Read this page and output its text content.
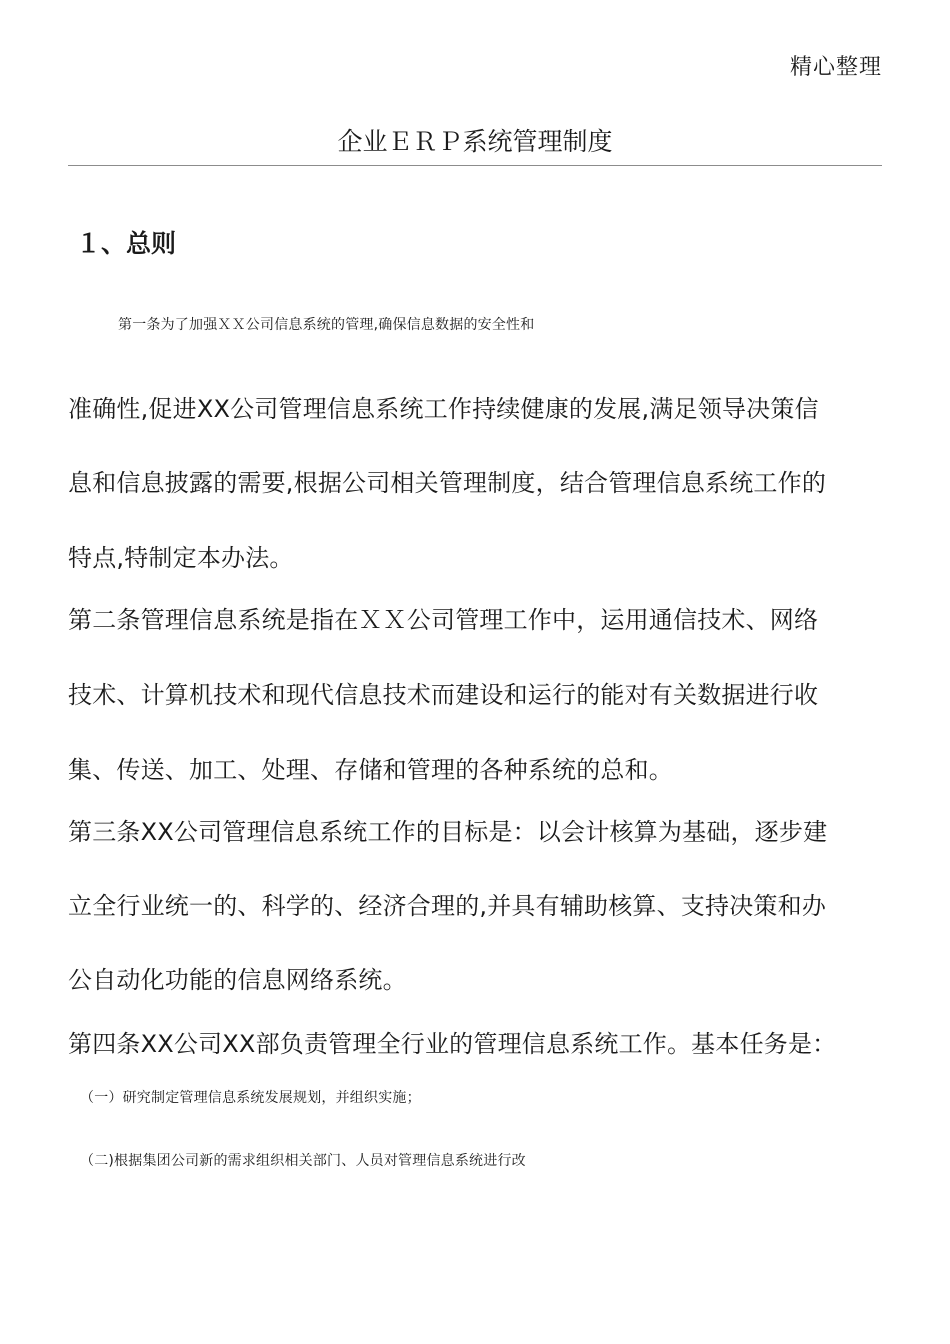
精心整理
企业ＥＲＰ系统管理制度
１、总则
第一条为了加强ＸＸ公司信息系统的管理,确保信息数据的安全性和
准确性,促进XX公司管理信息系统工作持续健康的发展,满足领导决策信
息和信息披露的需要,根据公司相关管理制度，结合管理信息系统工作的
特点,特制定本办法。
第二条管理信息系统是指在ＸＸ公司管理工作中，运用通信技术、网络
技术、计算机技术和现代信息技术而建设和运行的能对有关数据进行收
集、传送、加工、处理、存储和管理的各种系统的总和。
第三条XX公司管理信息系统工作的目标是：以会计核算为基础，逐步建
立全行业统一的、科学的、经济合理的,并具有辅助核算、支持决策和办
公自动化功能的信息网络系统。
第四条XX公司XX部负责管理全行业的管理信息系统工作。基本任务是：
（一）研究制定管理信息系统发展规划，并组织实施；
（二)根据集团公司新的需求组织相关部门、人员对管理信息系统进行改
